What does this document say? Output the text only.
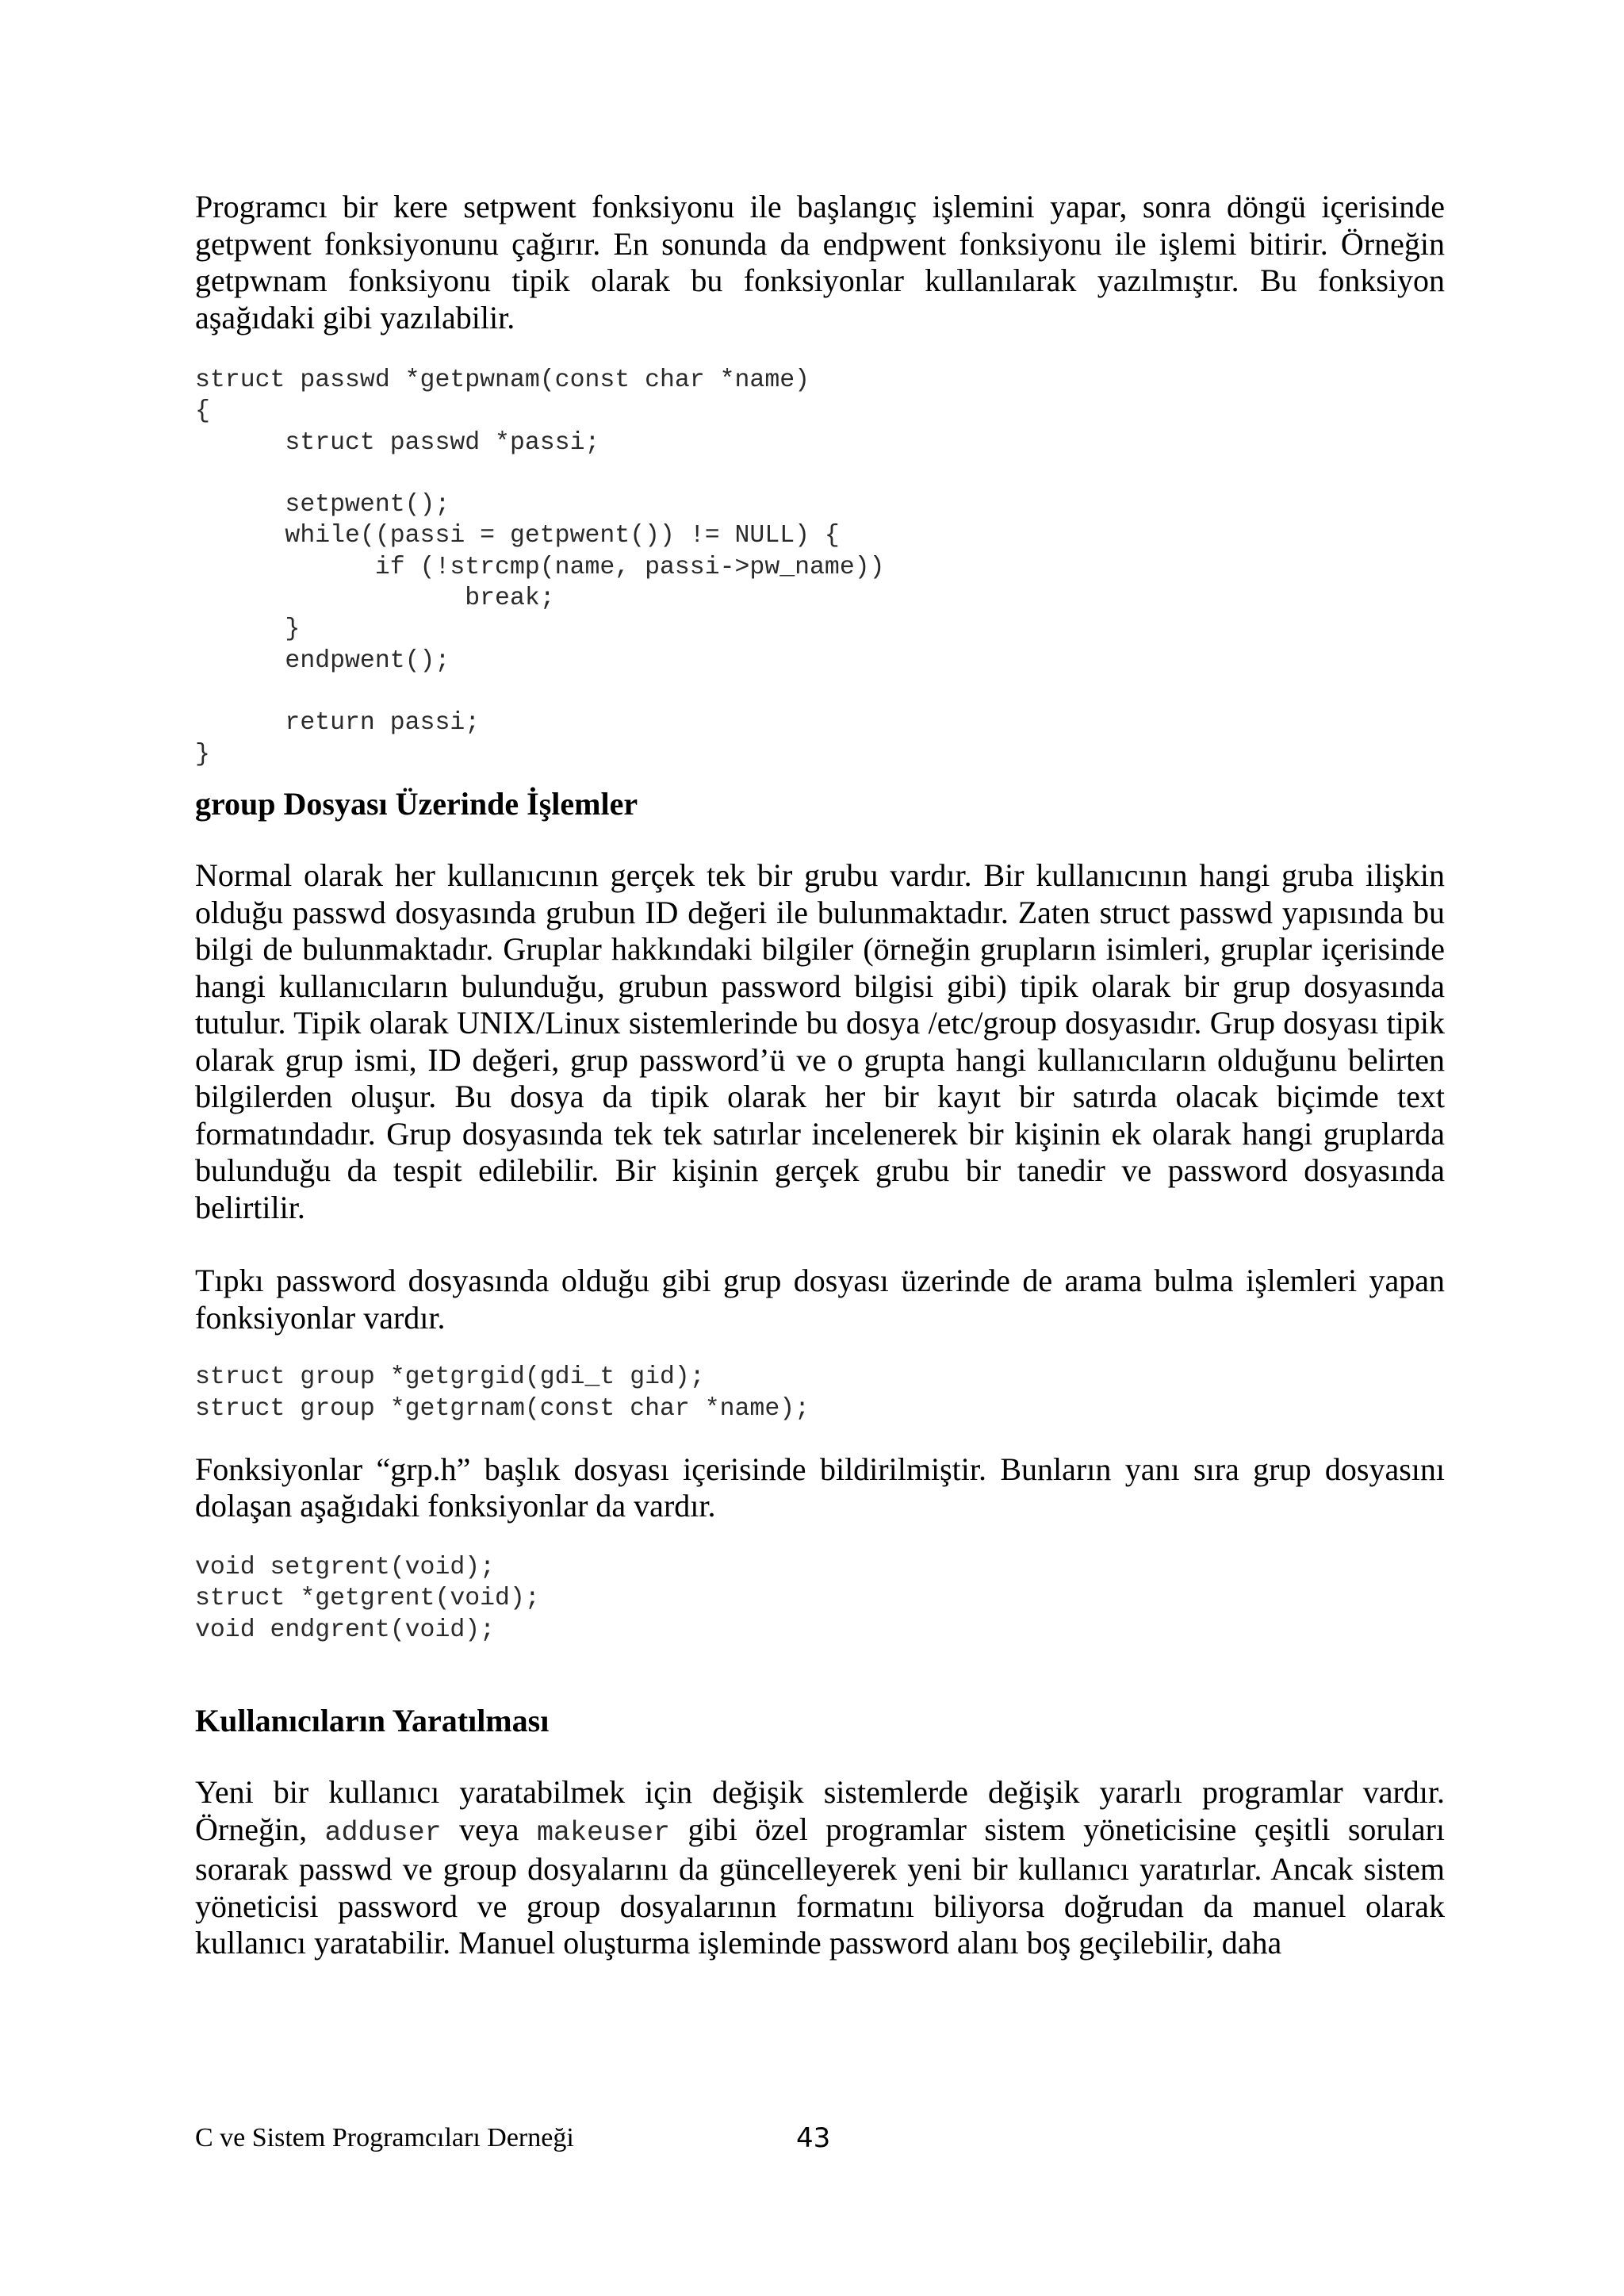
Programcı bir kere setpwent fonksiyonu ile başlangıç işlemini yapar, sonra döngü içerisinde getpwent fonksiyonunu çağırır. En sonunda da endpwent fonksiyonu ile işlemi bitirir. Örneğin getpwnam fonksiyonu tipik olarak bu fonksiyonlar kullanılarak yazılmıştır. Bu fonksiyon aşağıdaki gibi yazılabilir.

struct passwd *getpwnam(const char *name)
{
struct passwd *passi;

setpwent();
while((passi = getpwent()) != NULL) {
if (!strcmp(name, passi->pw_name))
break;
}
endpwent();

return passi;
}
group Dosyası Üzerinde İşlemler

Normal olarak her kullanıcının gerçek tek bir grubu vardır. Bir kullanıcının hangi gruba ilişkin olduğu passwd dosyasında grubun ID değeri ile bulunmaktadır. Zaten struct passwd yapısında bu bilgi de bulunmaktadır. Gruplar hakkındaki bilgiler (örneğin grupların isimleri, gruplar içerisinde hangi kullanıcıların bulunduğu, grubun password bilgisi gibi) tipik olarak bir grup dosyasında tutulur. Tipik olarak UNIX/Linux sistemlerinde bu dosya /etc/group dosyasıdır. Grup dosyası tipik olarak grup ismi, ID değeri, grup password’ü ve o grupta hangi kullanıcıların olduğunu belirten bilgilerden oluşur. Bu dosya da tipik olarak her bir kayıt bir satırda olacak biçimde text formatındadır. Grup dosyasında tek tek satırlar incelenerek bir kişinin ek olarak hangi gruplarda bulunduğu da tespit edilebilir. Bir kişinin gerçek grubu bir tanedir ve password dosyasında belirtilir.

Tıpkı password dosyasında olduğu gibi grup dosyası üzerinde de arama bulma işlemleri yapan fonksiyonlar vardır.

struct group *getgrgid(gdi_t gid);
struct group *getgrnam(const char *name);

Fonksiyonlar “grp.h” başlık dosyası içerisinde bildirilmiştir. Bunların yanı sıra grup dosyasını dolaşan aşağıdaki fonksiyonlar da vardır.

void setgrent(void);
struct *getgrent(void);
void endgrent(void);
Kullanıcıların Yaratılması

Yeni bir kullanıcı yaratabilmek için değişik sistemlerde değişik yararlı programlar vardır. Örneğin, adduser veya makeuser gibi özel programlar sistem yöneticisine çeşitli soruları sorarak passwd ve group dosyalarını da güncelleyerek yeni bir kullanıcı yaratırlar. Ancak sistem yöneticisi password ve group dosyalarının formatını biliyorsa doğrudan da manuel olarak kullanıcı yaratabilir. Manuel oluşturma işleminde password alanı boş geçilebilir, daha

C ve Sistem Programcıları Derneği	43
